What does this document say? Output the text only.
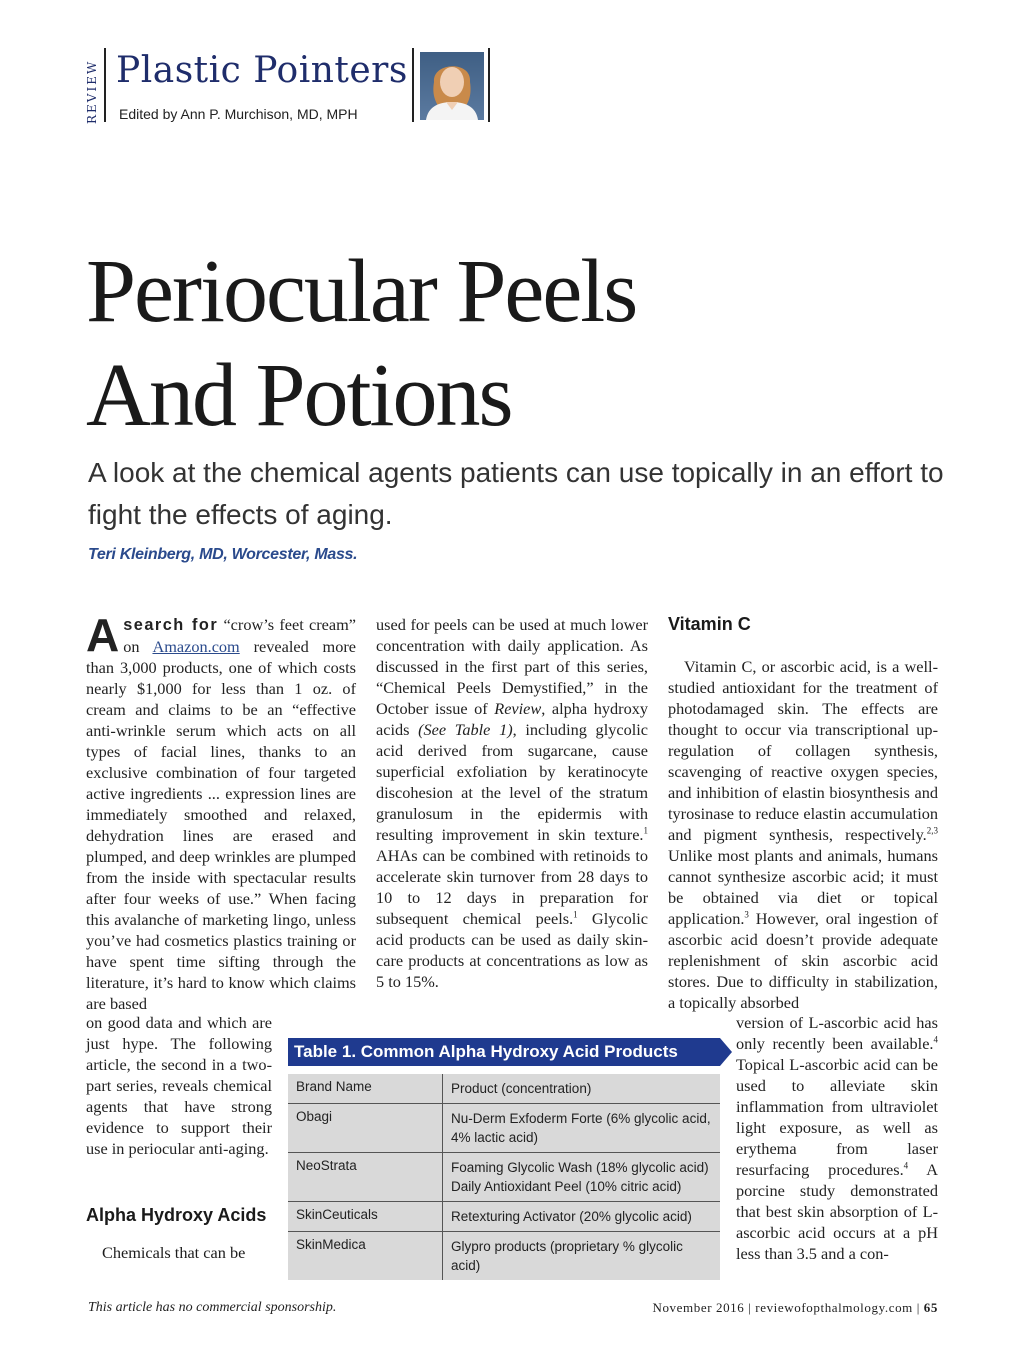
REVIEW Plastic Pointers
Edited by Ann P. Murchison, MD, MPH
Periocular Peels
And Potions
A look at the chemical agents patients can use topically in an effort to fight the effects of aging.
Teri Kleinberg, MD, Worcester, Mass.

Asearch for “crow’s feet cream” on Amazon.com revealed more than 3,000 products, one of which costs nearly $1,000 for less than 1 oz. of cream and claims to be an “effective anti-wrinkle serum which acts on all types of facial lines, thanks to an exclusive combination of four targeted active ingredients ... expression lines are immediately smoothed and relaxed, dehydration lines are erased and plumped, and deep wrinkles are plumped from the inside with spectacular results after four weeks of use.” When facing this avalanche of marketing lingo, unless you’ve had cosmetics plastics training or have spent time sifting through the literature, it’s hard to know which claims are based

on good data and which are just hype. The following article, the second in a two-part series, reveals chemical agents that have strong evidence to support their use in periocular anti-aging.

Alpha Hydroxy Acids
Chemicals that can be

used for peels can be used at much lower concentration with daily application. As discussed in the first part of this series, “Chemical Peels Demystified,” in the October issue of Review, alpha hydroxy acids (See Table 1), including glycolic acid derived from sugarcane, cause superficial exfoliation by keratinocyte discohesion at the level of the stratum granulosum in the epidermis with resulting improvement in skin texture.$^1$ AHAs can be combined with retinoids to accelerate skin turnover from 28 days to 10 to 12 days in preparation for subsequent chemical peels.$^1$ Glycolic acid products can be used as daily skin-care products at concentrations as low as 5 to 15%.

Vitamin C

Vitamin C, or ascorbic acid, is a well-studied antioxidant for the treatment of photodamaged skin. The effects are thought to occur via transcriptional up-regulation of collagen synthesis, scavenging of reactive oxygen species, and inhibition of elastin biosynthesis and tyrosinase to reduce elastin accumulation and pigment synthesis, respectively.$^{2,3}$ Unlike most plants and animals, humans cannot synthesize ascorbic acid; it must be obtained via diet or topical application.$^3$ However, oral ingestion of ascorbic acid doesn’t provide adequate replenishment of skin ascorbic acid stores. Due to difficulty in stabilization, a topically absorbed

version of L-ascorbic acid has only recently been available.$^4$ Topical L-ascorbic acid can be used to alleviate skin inflammation from ultraviolet light exposure, as well as erythema from laser resurfacing procedures.$^4$ A porcine study demonstrated that best skin absorption of L-ascorbic acid occurs at a pH less than 3.5 and a con-

Table 1. Common Alpha Hydroxy Acid Products
Brand Name	Product (concentration)
Obagi	Nu-Derm Exfoderm Forte (6% glycolic acid, 4% lactic acid)
NeoStrata	Foaming Glycolic Wash (18% glycolic acid) Daily Antioxidant Peel (10% citric acid)
SkinCeuticals	Retexturing Activator (20% glycolic acid)
SkinMedica	Glypro products (proprietary % glycolic acid)
This article has no commercial sponsorship.	November 2016 | reviewofopthalmology.com | 65
